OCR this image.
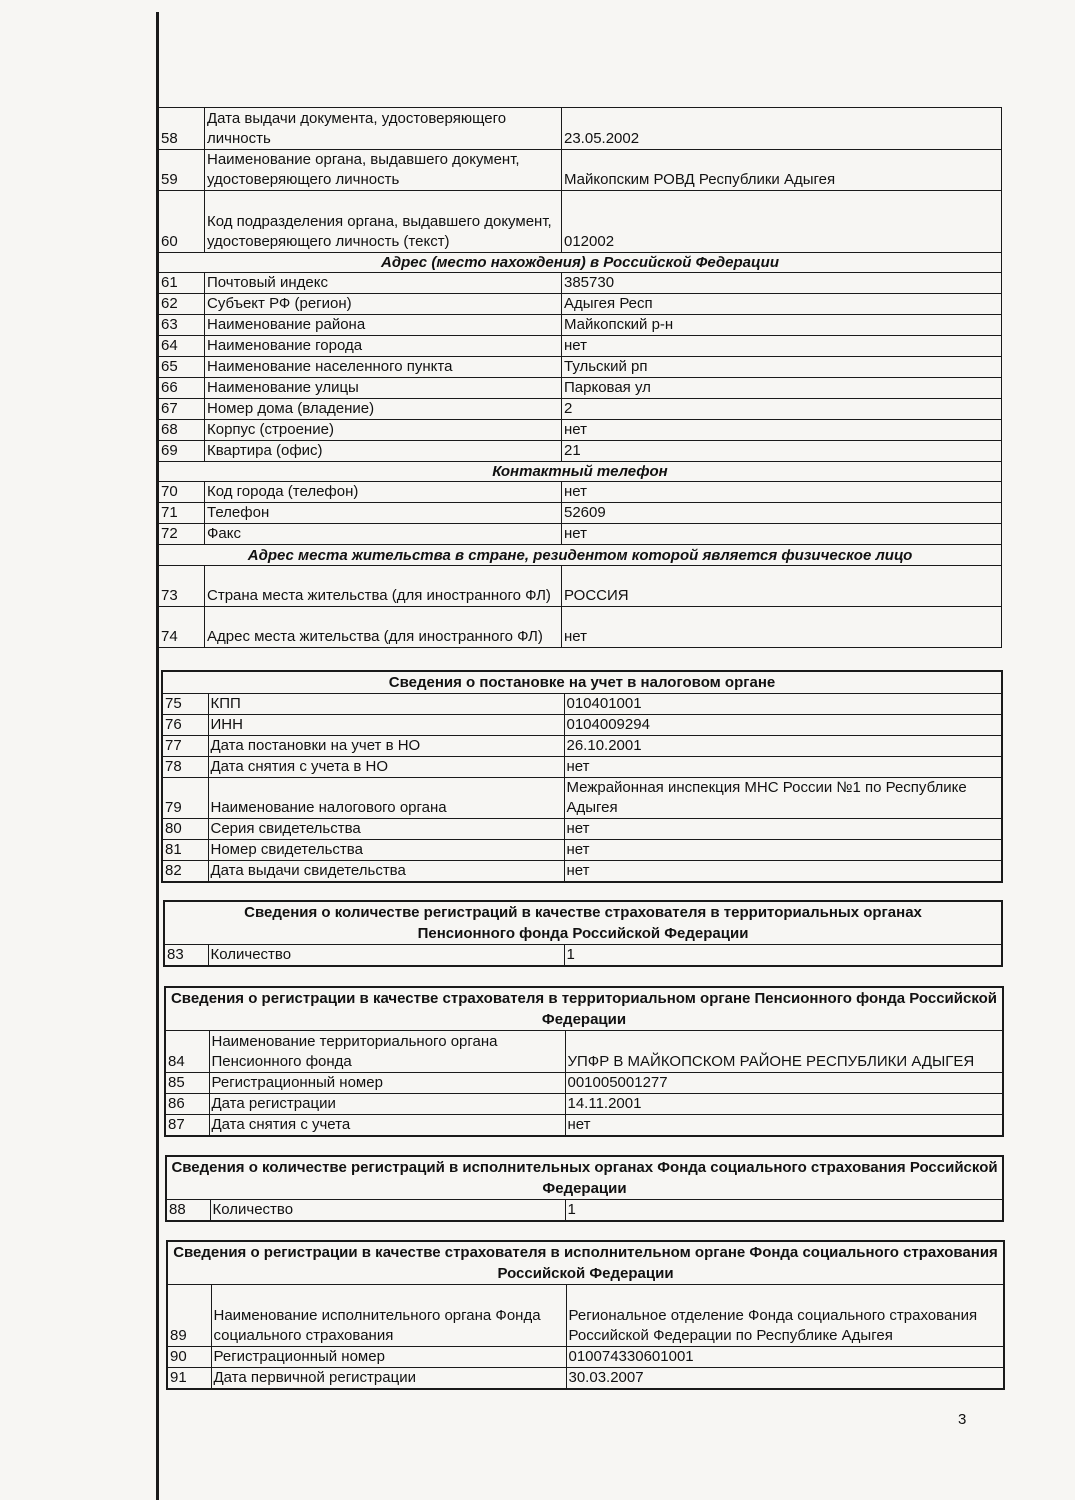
58	Дата выдачи документа, удостоверяющего личность	23.05.2002
59	Наименование органа, выдавшего документ, удостоверяющего личность	Майкопским РОВД Республики Адыгея
60	Код подразделения органа, выдавшего документ, удостоверяющего личность (текст)	012002
Адрес (место нахождения) в Российской Федерации		
61	Почтовый индекс	385730
62	Субъект РФ (регион)	Адыгея Респ
63	Наименование района	Майкопский р-н
64	Наименование города	нет
65	Наименование населенного пункта	Тульский рп
66	Наименование улицы	Парковая ул
67	Номер дома (владение)	2
68	Корпус (строение)	нет
69	Квартира (офис)	21
Контактный телефон		
70	Код города (телефон)	нет
71	Телефон	52609
72	Факс	нет
Адрес места жительства в стране, резидентом которой является физическое лицо		
73	Страна места жительства (для иностранного ФЛ)	РОССИЯ
74	Адрес места жительства (для иностранного ФЛ)	нет
Сведения о постановке на учет в налоговом органе		
75	КПП	010401001
76	ИНН	0104009294
77	Дата постановки на учет в НО	26.10.2001
78	Дата снятия с учета в НО	нет
79	Наименование налогового органа	Межрайонная инспекция МНС России №1 по Республике Адыгея
80	Серия свидетельства	нет
81	Номер свидетельства	нет
82	Дата выдачи свидетельства	нет
Сведения о количестве регистраций в качестве страхователя в территориальных органах Пенсионного фонда Российской Федерации
83	Количество	1
Сведения о регистрации в качестве страхователя в территориальном органе Пенсионного фонда Российской Федерации		
84	Наименование территориального органа Пенсионного фонда	УПФР В МАЙКОПСКОМ РАЙОНЕ РЕСПУБЛИКИ АДЫГЕЯ
85	Регистрационный номер	001005001277
86	Дата регистрации	14.11.2001
87	Дата снятия с учета	нет
Сведения о количестве регистраций в исполнительных органах Фонда социального страхования Российской Федерации
88	Количество	1
Сведения о регистрации в качестве страхователя в исполнительном органе Фонда социального страхования Российской Федерации		
89	Наименование исполнительного органа Фонда социального страхования	Региональное отделение Фонда социального страхования Российской Федерации по Республике Адыгея
90	Регистрационный номер	010074330601001
91	Дата первичной регистрации	30.03.2007
3
